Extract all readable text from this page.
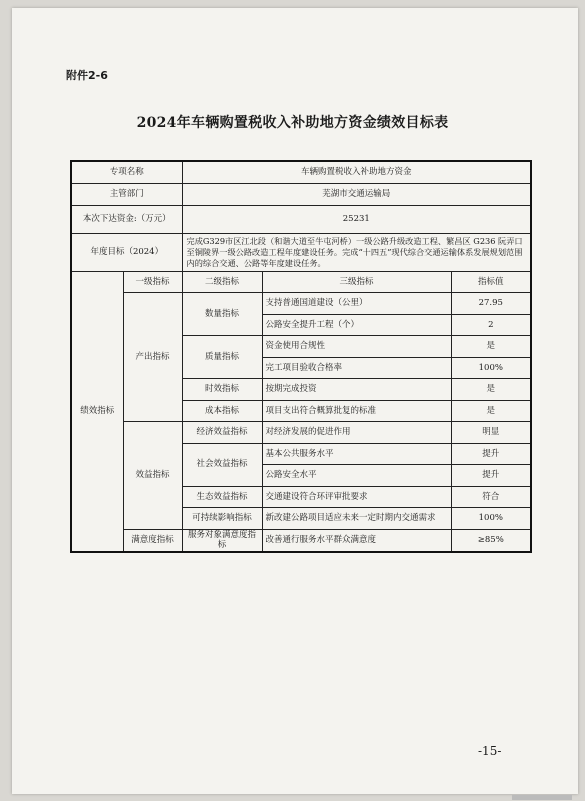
附件2-6
2024年车辆购置税收入补助地方资金绩效目标表
专项名称		车辆购置税收入补助地方资金		
主管部门		芜湖市交通运输局		
本次下达资金:（万元）		25231		
年度目标（2024）		完成G329市区江北段（和谐大道至牛屯河桥）一级公路升级改造工程、繁昌区 G236 阮弄口至铜陵界一级公路改造工程年度建设任务。完成“十四五”现代综合交通运输体系发展规划范围内的综合交通、公路等年度建设任务。		
绩效指标	一级指标	二级指标	三级指标	指标值
	产出指标	数量指标	支持普通国道建设（公里）	27.95
			公路安全提升工程（个）	2
		质量指标	资金使用合规性	是
			完工项目验收合格率	100%
		时效指标	按期完成投资	是
		成本指标	项目支出符合概算批复的标准	是
	效益指标	经济效益指标	对经济发展的促进作用	明显
		社会效益指标	基本公共服务水平	提升
			公路安全水平	提升
		生态效益指标	交通建设符合环评审批要求	符合
		可持续影响指标	新改建公路项目适应未来一定时期内交通需求	100%
	满意度指标	服务对象满意度指标	改善通行服务水平群众满意度	≥85%
-15-
